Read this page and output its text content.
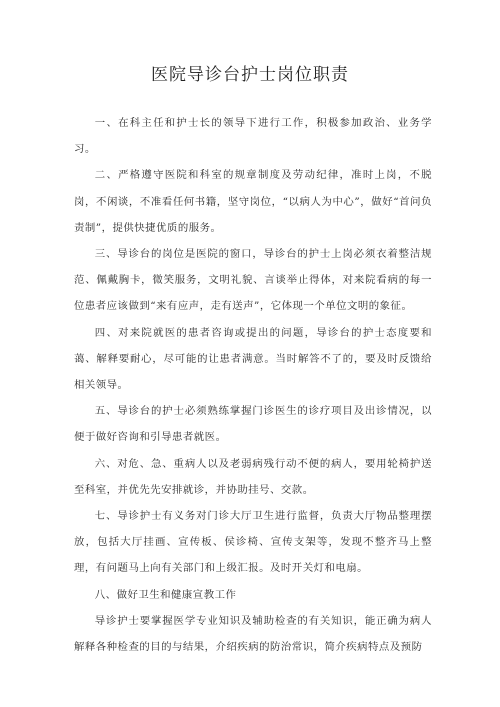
医院导诊台护士岗位职责

一、在科主任和护士长的领导下进行工作，积极参加政治、业务学习。

二、严格遵守医院和科室的规章制度及劳动纪律，准时上岗，不脱岗，不闲谈，不准看任何书籍，坚守岗位，“以病人为中心”，做好“首问负责制”，提供快捷优质的服务。

三、导诊台的岗位是医院的窗口，导诊台的护士上岗必须衣着整洁规范、佩戴胸卡，微笑服务，文明礼貌、言谈举止得体，对来院看病的每一位患者应该做到“来有应声，走有送声”，它体现一个单位文明的象征。

四、对来院就医的患者咨询或提出的问题，导诊台的护士态度要和蔼、解释要耐心，尽可能的让患者满意。当时解答不了的，要及时反馈给相关领导。

五、导诊台的护士必须熟练掌握门诊医生的诊疗项目及出诊情况，以便于做好咨询和引导患者就医。

六、对危、急、重病人以及老弱病残行动不便的病人，要用轮椅护送至科室，并优先先安排就诊，并协助挂号、交款。

七、导诊护士有义务对门诊大厅卫生进行监督，负责大厅物品整理摆放，包括大厅挂画、宣传板、侯诊椅、宣传支架等，发现不整齐马上整理，有问题马上向有关部门和上级汇报。及时开关灯和电扇。

八、做好卫生和健康宣教工作

导诊护士要掌握医学专业知识及辅助检查的有关知识，能正确为病人解释各种检查的目的与结果，介绍疾病的防治常识，简介疾病特点及预防
